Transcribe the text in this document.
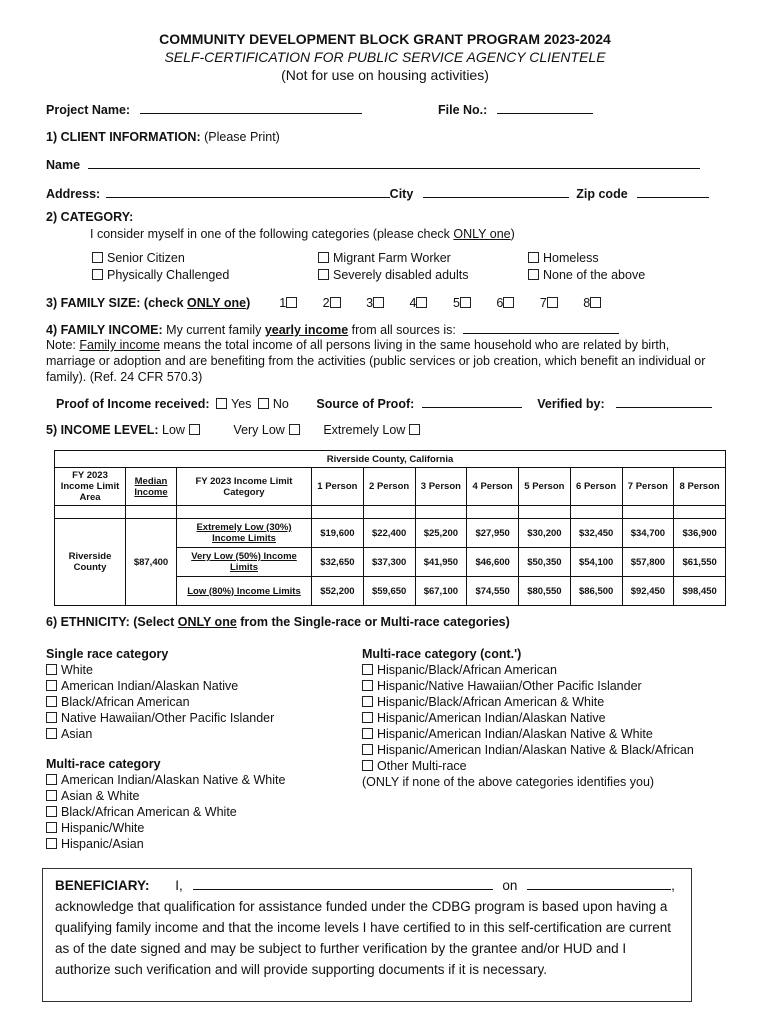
COMMUNITY DEVELOPMENT BLOCK GRANT PROGRAM 2023-2024
SELF-CERTIFICATION FOR PUBLIC SERVICE AGENCY CLIENTELE
(Not for use on housing activities)
Project Name:	File No.:
1) CLIENT INFORMATION: (Please Print)
Name
Address:	City	Zip code
2) CATEGORY:
I consider myself in one of the following categories (please check ONLY one)
Senior Citizen
Physically Challenged
Migrant Farm Worker
Severely disabled adults
Homeless
None of the above
3) FAMILY SIZE: (check ONLY one) 1	2	3	4	5	6	7	8
4) FAMILY INCOME: My current family yearly income from all sources is:
Note: Family income means the total income of all persons living in the same household who are related by birth, marriage or adoption and are benefiting from the activities (public services or job creation, which benefit an individual or family). (Ref. 24 CFR 570.3)
Proof of Income received: Yes No Source of Proof:	Verified by:
5) INCOME LEVEL: Low	Very Low	Extremely Low
Riverside County, California										
FY 2023 Income Limit Area	Median Income	FY 2023 Income Limit Category	1 Person	2 Person	3 Person	4 Person	5 Person	6 Person	7 Person	8 Person

Riverside County	$87,400	Extremely Low (30%) Income Limits	$19,600	$22,400	$25,200	$27,950	$30,200	$32,450	$34,700	$36,900
		Very Low (50%) Income Limits	$32,650	$37,300	$41,950	$46,600	$50,350	$54,100	$57,800	$61,550
		Low (80%) Income Limits	$52,200	$59,650	$67,100	$74,550	$80,550	$86,500	$92,450	$98,450
6) ETHNICITY: (Select ONLY one from the Single-race or Multi-race categories)
Single race category
White
American Indian/Alaskan Native
Black/African American
Native Hawaiian/Other Pacific Islander
Asian
Multi-race category
American Indian/Alaskan Native & White
Asian & White
Black/African American & White
Hispanic/White
Hispanic/Asian
Multi-race category (cont.')
Hispanic/Black/African American
Hispanic/Native Hawaiian/Other Pacific Islander
Hispanic/Black/African American & White
Hispanic/American Indian/Alaskan Native
Hispanic/American Indian/Alaskan Native & White
Hispanic/American Indian/Alaskan Native & Black/African
Other Multi-race
(ONLY if none of the above categories identifies you)
BENEFICIARY: I,	on	,
acknowledge that qualification for assistance funded under the CDBG program is based upon having a qualifying family income and that the income levels I have certified to in this self-certification are current as of the date signed and may be subject to further verification by the grantee and/or HUD and I authorize such verification and will provide supporting documents if it is necessary.
